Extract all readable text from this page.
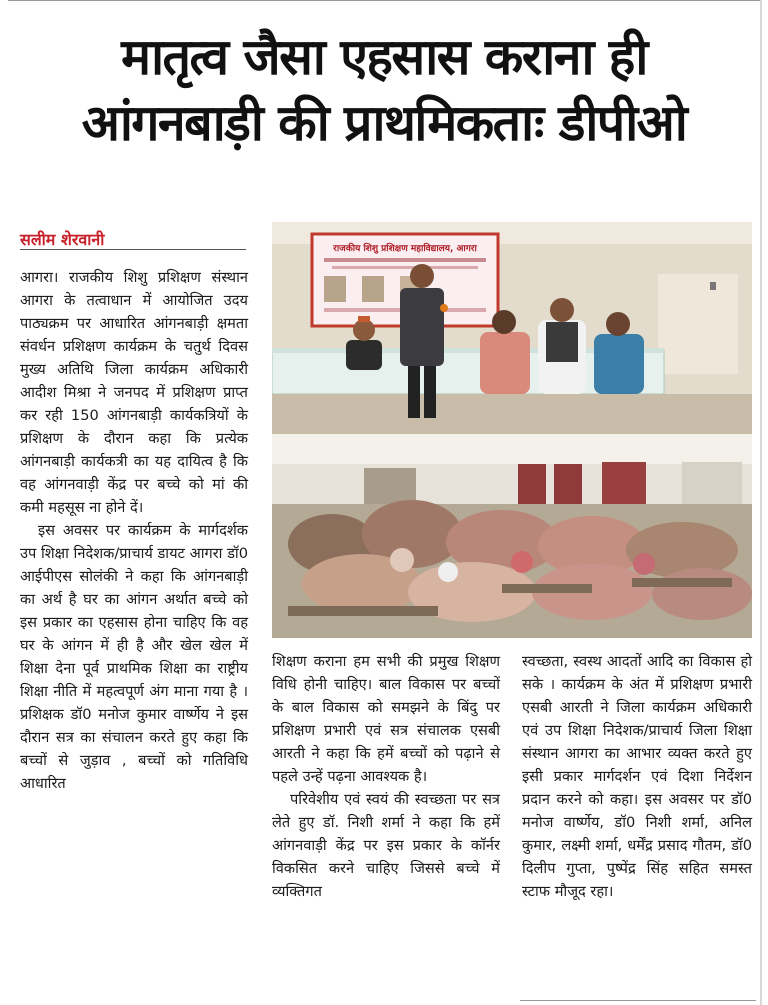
मातृत्व जैसा एहसास कराना ही
आंगनबाड़ी की प्राथमिकताः डीपीओ
सलीम शेरवानी

आगरा। राजकीय शिशु प्रशिक्षण संस्थान आगरा के तत्वाधान में आयोजित उदय पाठ्यक्रम पर आधारित आंगनबाड़ी क्षमता संवर्धन प्रशिक्षण कार्यक्रम के चतुर्थ दिवस मुख्य अतिथि जिला कार्यक्रम अधिकारी आदीश मिश्रा ने जनपद में प्रशिक्षण प्राप्त कर रही 150 आंगनबाड़ी कार्यकत्रियों के प्रशिक्षण के दौरान कहा कि प्रत्येक आंगनबाड़ी कार्यकत्री का यह दायित्व है कि वह आंगनवाड़ी केंद्र पर बच्चे को मां की कमी महसूस ना होने दें।

इस अवसर पर कार्यक्रम के मार्गदर्शक उप शिक्षा निदेशक/प्राचार्य डायट आगरा डॉ0 आईपीएस सोलंकी ने कहा कि आंगनबाड़ी का अर्थ है घर का आंगन अर्थात बच्चे को इस प्रकार का एहसास होना चाहिए कि वह घर के आंगन में ही है और खेल खेल में शिक्षा देना पूर्व प्राथमिक शिक्षा का राष्ट्रीय शिक्षा नीति में महत्वपूर्ण अंग माना गया है । प्रशिक्षक डॉ0 मनोज कुमार वार्ष्णेय ने इस दौरान सत्र का संचालन करते हुए कहा कि बच्चों से जुड़ाव , बच्चों को गतिविधि आधारित

राजकीय शिशु प्रशिक्षण महाविद्यालय, आगरा

शिक्षण कराना हम सभी की प्रमुख शिक्षण विधि होनी चाहिए। बाल विकास पर बच्चों के बाल विकास को समझने के बिंदु पर प्रशिक्षण प्रभारी एवं सत्र संचालक एसबी आरती ने कहा कि हमें बच्चों को पढ़ाने से पहले उन्हें पढ़ना आवश्यक है।

परिवेशीय एवं स्वयं की स्वच्छता पर सत्र लेते हुए डॉ. निशी शर्मा ने कहा कि हमें आंगनवाड़ी केंद्र पर इस प्रकार के कॉर्नर विकसित करने चाहिए जिससे बच्चे में व्यक्तिगत

स्वच्छता, स्वस्थ आदतों आदि का विकास हो सके । कार्यक्रम के अंत में प्रशिक्षण प्रभारी एसबी आरती ने जिला कार्यक्रम अधिकारी एवं उप शिक्षा निदेशक/प्राचार्य जिला शिक्षा संस्थान आगरा का आभार व्यक्त करते हुए इसी प्रकार मार्गदर्शन एवं दिशा निर्देशन प्रदान करने को कहा। इस अवसर पर डॉ0 मनोज वार्ष्णेय, डॉ0 निशी शर्मा, अनिल कुमार, लक्ष्मी शर्मा, धर्मेंद्र प्रसाद गौतम, डॉ0 दिलीप गुप्ता, पुष्पेंद्र सिंह सहित समस्त स्टाफ मौजूद रहा।
